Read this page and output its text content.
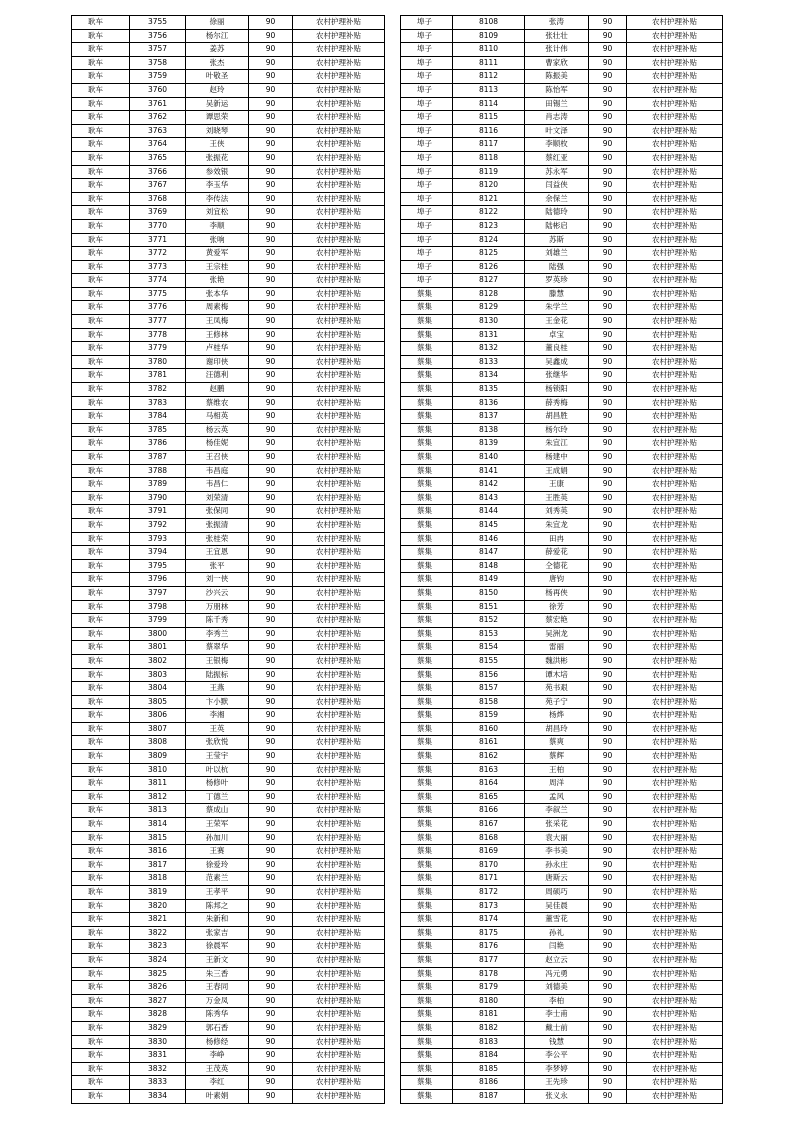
耿车	3755	徐丽	90	农村护理补贴
耿车	3756	杨尔江	90	农村护理补贴
耿车	3757	姜苏	90	农村护理补贴
耿车	3758	张杰	90	农村护理补贴
耿车	3759	叶敬圣	90	农村护理补贴
耿车	3760	赵玲	90	农村护理补贴
耿车	3761	吴新运	90	农村护理补贴
耿车	3762	谭思荣	90	农村护理补贴
耿车	3763	刘晓琴	90	农村护理补贴
耿车	3764	王侠	90	农村护理补贴
耿车	3765	张振花	90	农村护理补贴
耿车	3766	参效银	90	农村护理补贴
耿车	3767	李玉华	90	农村护理补贴
耿车	3768	李传法	90	农村护理补贴
耿车	3769	刘宜松	90	农村护理补贴
耿车	3770	李顺	90	农村护理补贴
耿车	3771	张响	90	农村护理补贴
耿车	3772	黄爱军	90	农村护理补贴
耿车	3773	王宗桂	90	农村护理补贴
耿车	3774	张艳	90	农村护理补贴
耿车	3775	张本华	90	农村护理补贴
耿车	3776	周素梅	90	农村护理补贴
耿车	3777	王凤梅	90	农村护理补贴
耿车	3778	王修林	90	农村护理补贴
耿车	3779	卢桂华	90	农村护理补贴
耿车	3780	谢印侠	90	农村护理补贴
耿车	3781	汪德利	90	农村护理补贴
耿车	3782	赵鹏	90	农村护理补贴
耿车	3783	蔡维农	90	农村护理补贴
耿车	3784	马相英	90	农村护理补贴
耿车	3785	杨云英	90	农村护理补贴
耿车	3786	杨佳妮	90	农村护理补贴
耿车	3787	王召侠	90	农村护理补贴
耿车	3788	韦昌庭	90	农村护理补贴
耿车	3789	韦昌仁	90	农村护理补贴
耿车	3790	刘荣清	90	农村护理补贴
耿车	3791	张保同	90	农村护理补贴
耿车	3792	张振清	90	农村护理补贴
耿车	3793	张桂荣	90	农村护理补贴
耿车	3794	王宜恩	90	农村护理补贴
耿车	3795	张平	90	农村护理补贴
耿车	3796	刘一侠	90	农村护理补贴
耿车	3797	沙兴云	90	农村护理补贴
耿车	3798	万朋林	90	农村护理补贴
耿车	3799	陈千秀	90	农村护理补贴
耿车	3800	李秀兰	90	农村护理补贴
耿车	3801	蔡翠华	90	农村护理补贴
耿车	3802	王银梅	90	农村护理补贴
耿车	3803	陆振标	90	农村护理补贴
耿车	3804	王燕	90	农村护理补贴
耿车	3805	卞小默	90	农村护理补贴
耿车	3806	李湘	90	农村护理补贴
耿车	3807	王英	90	农村护理补贴
耿车	3808	张欣悦	90	农村护理补贴
耿车	3809	王莹宇	90	农村护理补贴
耿车	3810	叶以杭	90	农村护理补贴
耿车	3811	杨修叶	90	农村护理补贴
耿车	3812	丁德兰	90	农村护理补贴
耿车	3813	蔡成山	90	农村护理补贴
耿车	3814	王荣军	90	农村护理补贴
耿车	3815	孙加川	90	农村护理补贴
耿车	3816	王赛	90	农村护理补贴
耿车	3817	徐爱玲	90	农村护理补贴
耿车	3818	范素兰	90	农村护理补贴
耿车	3819	王孝平	90	农村护理补贴
耿车	3820	陈邦之	90	农村护理补贴
耿车	3821	朱新和	90	农村护理补贴
耿车	3822	张家吉	90	农村护理补贴
耿车	3823	徐晨军	90	农村护理补贴
耿车	3824	王新文	90	农村护理补贴
耿车	3825	朱三香	90	农村护理补贴
耿车	3826	王春同	90	农村护理补贴
耿车	3827	万金凤	90	农村护理补贴
耿车	3828	陈秀华	90	农村护理补贴
耿车	3829	郭石香	90	农村护理补贴
耿车	3830	杨修经	90	农村护理补贴
耿车	3831	李峥	90	农村护理补贴
耿车	3832	王茂英	90	农村护理补贴
耿车	3833	李红	90	农村护理补贴
耿车	3834	叶素娟	90	农村护理补贴
埠子	8108	张涛	90	农村护理补贴
埠子	8109	张壮壮	90	农村护理补贴
埠子	8110	张计伟	90	农村护理补贴
埠子	8111	曹家欣	90	农村护理补贴
埠子	8112	陈振美	90	农村护理补贴
埠子	8113	陈怡军	90	农村护理补贴
埠子	8114	田锡兰	90	农村护理补贴
埠子	8115	肖志涛	90	农村护理补贴
埠子	8116	叶文泽	90	农村护理补贴
埠子	8117	李顺枚	90	农村护理补贴
埠子	8118	蔡红亚	90	农村护理补贴
埠子	8119	苏永军	90	农村护理补贴
埠子	8120	闫益侠	90	农村护理补贴
埠子	8121	余保兰	90	农村护理补贴
埠子	8122	陆德玲	90	农村护理补贴
埠子	8123	陆彬启	90	农村护理补贴
埠子	8124	苏斯	90	农村护理补贴
埠子	8125	刘雄兰	90	农村护理补贴
埠子	8126	陆强	90	农村护理补贴
埠子	8127	罗英珍	90	农村护理补贴
蔡集	8128	滕慧	90	农村护理补贴
蔡集	8129	朱学兰	90	农村护理补贴
蔡集	8130	王金花	90	农村护理补贴
蔡集	8131	卓宝	90	农村护理补贴
蔡集	8132	董良桂	90	农村护理补贴
蔡集	8133	吴鑫成	90	农村护理补贴
蔡集	8134	张继华	90	农村护理补贴
蔡集	8135	杨锁阳	90	农村护理补贴
蔡集	8136	薛秀梅	90	农村护理补贴
蔡集	8137	胡昌胜	90	农村护理补贴
蔡集	8138	杨尔玲	90	农村护理补贴
蔡集	8139	朱宜江	90	农村护理补贴
蔡集	8140	杨建中	90	农村护理补贴
蔡集	8141	王成娟	90	农村护理补贴
蔡集	8142	王康	90	农村护理补贴
蔡集	8143	王胜英	90	农村护理补贴
蔡集	8144	刘秀英	90	农村护理补贴
蔡集	8145	朱宜龙	90	农村护理补贴
蔡集	8146	田冉	90	农村护理补贴
蔡集	8147	薛爱花	90	农村护理补贴
蔡集	8148	仝德花	90	农村护理补贴
蔡集	8149	唐钧	90	农村护理补贴
蔡集	8150	杨再侠	90	农村护理补贴
蔡集	8151	徐芳	90	农村护理补贴
蔡集	8152	蔡宏艳	90	农村护理补贴
蔡集	8153	吴洲龙	90	农村护理补贴
蔡集	8154	雷丽	90	农村护理补贴
蔡集	8155	魏洪彬	90	农村护理补贴
蔡集	8156	谭木培	90	农村护理补贴
蔡集	8157	苑书艰	90	农村护理补贴
蔡集	8158	苑子宁	90	农村护理补贴
蔡集	8159	杨烨	90	农村护理补贴
蔡集	8160	胡昌玲	90	农村护理补贴
蔡集	8161	蔡爽	90	农村护理补贴
蔡集	8162	蔡辉	90	农村护理补贴
蔡集	8163	王柏	90	农村护理补贴
蔡集	8164	周洋	90	农村护理补贴
蔡集	8165	孟风	90	农村护理补贴
蔡集	8166	李叙兰	90	农村护理补贴
蔡集	8167	张采花	90	农村护理补贴
蔡集	8168	袁大丽	90	农村护理补贴
蔡集	8169	李书美	90	农村护理补贴
蔡集	8170	孙永庄	90	农村护理补贴
蔡集	8171	唐斯云	90	农村护理补贴
蔡集	8172	周硕巧	90	农村护理补贴
蔡集	8173	吴佳晨	90	农村护理补贴
蔡集	8174	董雪花	90	农村护理补贴
蔡集	8175	孙礼	90	农村护理补贴
蔡集	8176	闫艳	90	农村护理补贴
蔡集	8177	赵立云	90	农村护理补贴
蔡集	8178	冯元勇	90	农村护理补贴
蔡集	8179	刘德美	90	农村护理补贴
蔡集	8180	李柏	90	农村护理补贴
蔡集	8181	李士甫	90	农村护理补贴
蔡集	8182	戴士前	90	农村护理补贴
蔡集	8183	钱慧	90	农村护理补贴
蔡集	8184	李公平	90	农村护理补贴
蔡集	8185	李梦婷	90	农村护理补贴
蔡集	8186	王先珍	90	农村护理补贴
蔡集	8187	张义永	90	农村护理补贴
